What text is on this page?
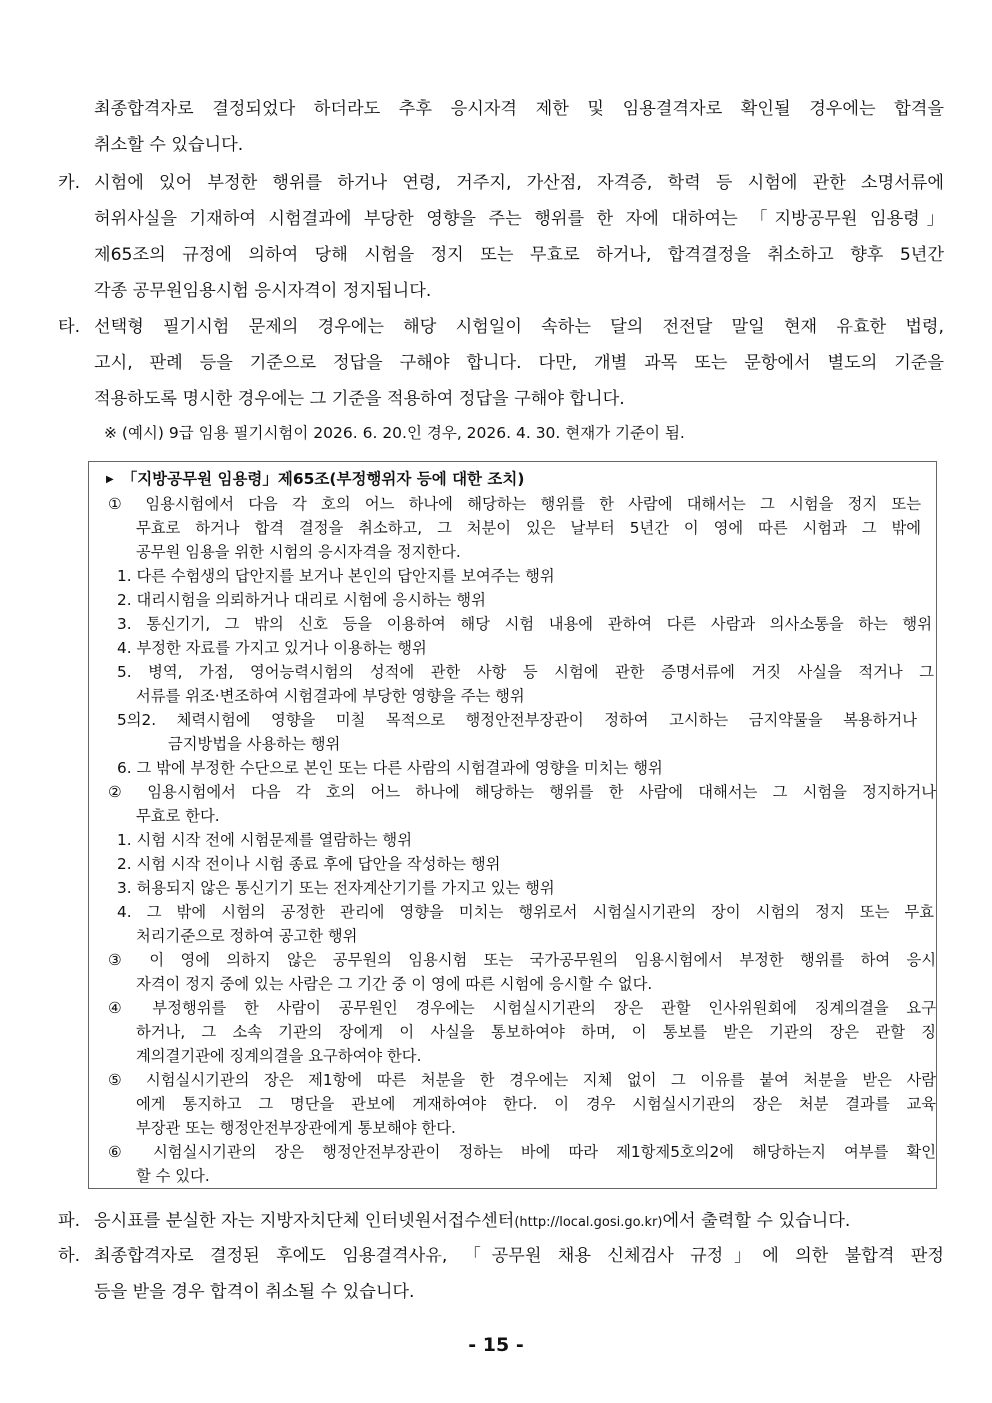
최종합격자로 결정되었다 하더라도 추후 응시자격 제한 및 임용결격자로 확인될 경우에는 합격을
취소할 수 있습니다.
카. 시험에 있어 부정한 행위를 하거나 연령, 거주지, 가산점, 자격증, 학력 등 시험에 관한 소명서류에
허위사실을 기재하여 시험결과에 부당한 영향을 주는 행위를 한 자에 대하여는 「지방공무원 임용령」
제65조의 규정에 의하여 당해 시험을 정지 또는 무효로 하거나, 합격결정을 취소하고 향후 5년간
각종 공무원임용시험 응시자격이 정지됩니다.
타. 선택형 필기시험 문제의 경우에는 해당 시험일이 속하는 달의 전전달 말일 현재 유효한 법령,
고시, 판례 등을 기준으로 정답을 구해야 합니다. 다만, 개별 과목 또는 문항에서 별도의 기준을
적용하도록 명시한 경우에는 그 기준을 적용하여 정답을 구해야 합니다.
※ (예시) 9급 임용 필기시험이 2026. 6. 20.인 경우, 2026. 4. 30. 현재가 기준이 됨.
▶ 「지방공무원 임용령」제65조(부정행위자 등에 대한 조치)
① 임용시험에서 다음 각 호의 어느 하나에 해당하는 행위를 한 사람에 대해서는 그 시험을 정지 또는
무효로 하거나 합격 결정을 취소하고, 그 처분이 있은 날부터 5년간 이 영에 따른 시험과 그 밖에
공무원 임용을 위한 시험의 응시자격을 정지한다.
1. 다른 수험생의 답안지를 보거나 본인의 답안지를 보여주는 행위
2. 대리시험을 의뢰하거나 대리로 시험에 응시하는 행위
3. 통신기기, 그 밖의 신호 등을 이용하여 해당 시험 내용에 관하여 다른 사람과 의사소통을 하는 행위
4. 부정한 자료를 가지고 있거나 이용하는 행위
5. 병역, 가점, 영어능력시험의 성적에 관한 사항 등 시험에 관한 증명서류에 거짓 사실을 적거나 그
서류를 위조·변조하여 시험결과에 부당한 영향을 주는 행위
5의2. 체력시험에 영향을 미칠 목적으로 행정안전부장관이 정하여 고시하는 금지약물을 복용하거나
금지방법을 사용하는 행위
6. 그 밖에 부정한 수단으로 본인 또는 다른 사람의 시험결과에 영향을 미치는 행위
② 임용시험에서 다음 각 호의 어느 하나에 해당하는 행위를 한 사람에 대해서는 그 시험을 정지하거나
무효로 한다.
1. 시험 시작 전에 시험문제를 열람하는 행위
2. 시험 시작 전이나 시험 종료 후에 답안을 작성하는 행위
3. 허용되지 않은 통신기기 또는 전자계산기기를 가지고 있는 행위
4. 그 밖에 시험의 공정한 관리에 영향을 미치는 행위로서 시험실시기관의 장이 시험의 정지 또는 무효
처리기준으로 정하여 공고한 행위
③ 이 영에 의하지 않은 공무원의 임용시험 또는 국가공무원의 임용시험에서 부정한 행위를 하여 응시
자격이 정지 중에 있는 사람은 그 기간 중 이 영에 따른 시험에 응시할 수 없다.
④ 부정행위를 한 사람이 공무원인 경우에는 시험실시기관의 장은 관할 인사위원회에 징계의결을 요구
하거나, 그 소속 기관의 장에게 이 사실을 통보하여야 하며, 이 통보를 받은 기관의 장은 관할 징
계의결기관에 징계의결을 요구하여야 한다.
⑤ 시험실시기관의 장은 제1항에 따른 처분을 한 경우에는 지체 없이 그 이유를 붙여 처분을 받은 사람
에게 통지하고 그 명단을 관보에 게재하여야 한다. 이 경우 시험실시기관의 장은 처분 결과를 교육
부장관 또는 행정안전부장관에게 통보해야 한다.
⑥ 시험실시기관의 장은 행정안전부장관이 정하는 바에 따라 제1항제5호의2에 해당하는지 여부를 확인
할 수 있다.
파. 응시표를 분실한 자는 지방자치단체 인터넷원서접수센터(http://local.gosi.go.kr)에서 출력할 수 있습니다.
하. 최종합격자로 결정된 후에도 임용결격사유, 「공무원 채용 신체검사 규정」에 의한 불합격 판정
등을 받을 경우 합격이 취소될 수 있습니다.
- 15 -
